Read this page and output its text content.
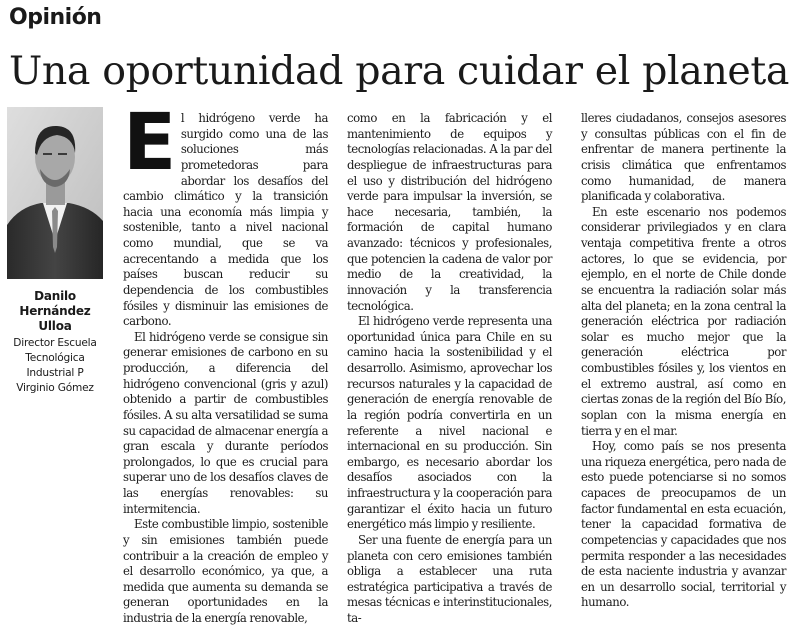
Opinión
Una oportunidad para cuidar el planeta

Danilo
Hernández
Ulloa

Director Escuela
Tecnológica
Industrial P
Virginio Gómez

El hidrógeno verde ha surgido como una de las soluciones más prometedoras para abordar los desafíos del cambio climático y la transición hacia una economía más limpia y sostenible, tanto a nivel nacional como mundial, que se va acrecentando a medida que los países buscan reducir su dependencia de los combustibles fósiles y disminuir las emisiones de carbono.

El hidrógeno verde se consigue sin generar emisiones de carbono en su producción, a diferencia del hidrógeno convencional (gris y azul) obtenido a partir de combustibles fósiles. A su alta versatilidad se suma su capacidad de almacenar energía a gran escala y durante períodos prolongados, lo que es crucial para superar uno de los desafíos claves de las energías renovables: su intermitencia.

Este combustible limpio, sostenible y sin emisiones también puede contribuir a la creación de empleo y el desarrollo económico, ya que, a medida que aumenta su demanda se generan oportunidades en la industria de la energía renovable,

como en la fabricación y el mantenimiento de equipos y tecnologías relacionadas. A la par del despliegue de infraestructuras para el uso y distribución del hidrógeno verde para impulsar la inversión, se hace necesaria, también, la formación de capital humano avanzado: técnicos y profesionales, que potencien la cadena de valor por medio de la creatividad, la innovación y la transferencia tecnológica.

El hidrógeno verde representa una oportunidad única para Chile en su camino hacia la sostenibilidad y el desarrollo. Asimismo, aprovechar los recursos naturales y la capacidad de generación de energía renovable de la región podría convertirla en un referente a nivel nacional e internacional en su producción. Sin embargo, es necesario abordar los desafíos asociados con la infraestructura y la cooperación para garantizar el éxito hacia un futuro energético más limpio y resiliente.

Ser una fuente de energía para un planeta con cero emisiones también obliga a establecer una ruta estratégica participativa a través de mesas técnicas e interinstitucionales, ta-

lleres ciudadanos, consejos asesores y consultas públicas con el fin de enfrentar de manera pertinente la crisis climática que enfrentamos como humanidad, de manera planificada y colaborativa.

En este escenario nos podemos considerar privilegiados y en clara ventaja competitiva frente a otros actores, lo que se evidencia, por ejemplo, en el norte de Chile donde se encuentra la radiación solar más alta del planeta; en la zona central la generación eléctrica por radiación solar es mucho mejor que la generación eléctrica por combustibles fósiles y, los vientos en el extremo austral, así como en ciertas zonas de la región del Bío Bío, soplan con la misma energía en tierra y en el mar.

Hoy, como país se nos presenta una riqueza energética, pero nada de esto puede potenciarse si no somos capaces de preocupamos de un factor fundamental en esta ecuación, tener la capacidad formativa de competencias y capacidades que nos permita responder a las necesidades de esta naciente industria y avanzar en un desarrollo social, territorial y humano.
